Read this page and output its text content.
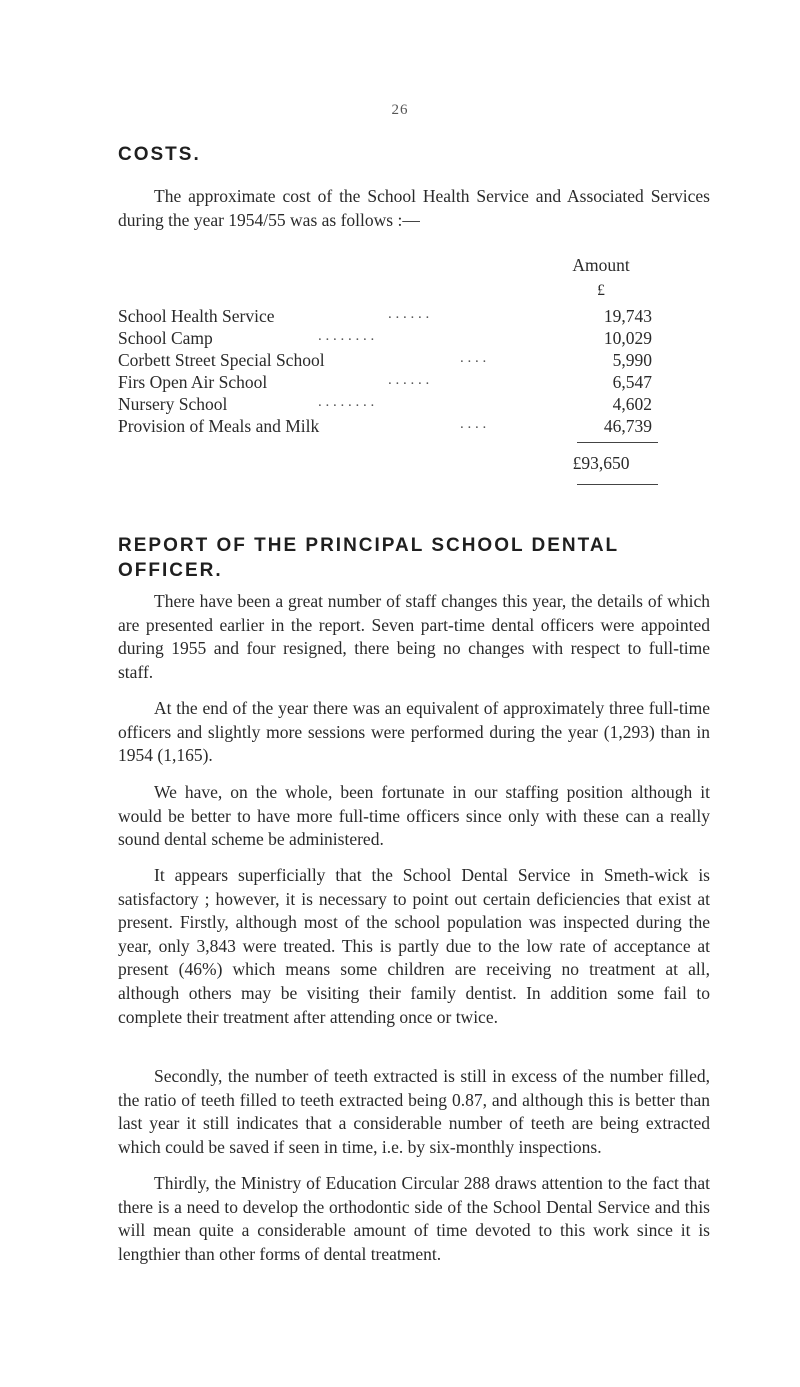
26
COSTS.

The approximate cost of the School Health Service and Associated Services during the year 1954/55 was as follows :—

Amount
£
School Health Service	. . . . . .	19,743
School Camp	. . . . . . . .	10,029
Corbett Street Special School	. . . .	5,990
Firs Open Air School	. . . . . .	6,547
Nursery School	. . . . . . . .	4,602
Provision of Meals and Milk	. . . .	46,739
£93,650
REPORT OF THE PRINCIPAL SCHOOL DENTAL OFFICER.

There have been a great number of staff changes this year, the details of which are presented earlier in the report. Seven part-time dental officers were appointed during 1955 and four resigned, there being no changes with respect to full-time staff.

At the end of the year there was an equivalent of approximately three full-time officers and slightly more sessions were performed during the year (1,293) than in 1954 (1,165).

We have, on the whole, been fortunate in our staffing position although it would be better to have more full-time officers since only with these can a really sound dental scheme be administered.

It appears superficially that the School Dental Service in Smeth-wick is satisfactory ; however, it is necessary to point out certain deficiencies that exist at present. Firstly, although most of the school population was inspected during the year, only 3,843 were treated. This is partly due to the low rate of acceptance at present (46%) which means some children are receiving no treatment at all, although others may be visiting their family dentist. In addition some fail to complete their treatment after attending once or twice.

Secondly, the number of teeth extracted is still in excess of the number filled, the ratio of teeth filled to teeth extracted being 0.87, and although this is better than last year it still indicates that a considerable number of teeth are being extracted which could be saved if seen in time, i.e. by six-monthly inspections.

Thirdly, the Ministry of Education Circular 288 draws attention to the fact that there is a need to develop the orthodontic side of the School Dental Service and this will mean quite a considerable amount of time devoted to this work since it is lengthier than other forms of dental treatment.
